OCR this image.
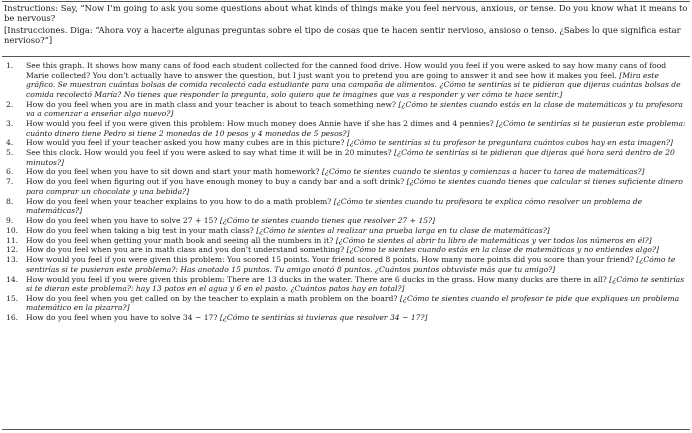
Instructions: Say, “Now I’m going to ask you some questions about what kinds of things make you feel nervous, anxious, or tense. Do you know what it means to be nervous?

[Instrucciones. Diga: “Ahora voy a hacerte algunas preguntas sobre el tipo de cosas que te hacen sentir nervioso, ansioso o tenso. ¿Sabes lo que significa estar nervioso?”]

1. See this graph. It shows how many cans of food each student collected for the canned food drive. How would you feel if you were asked to say how many cans of food Marie collected? You don’t actually have to answer the question, but I just want you to pretend you are going to answer it and see how it makes you feel. [Mira este gráfico. Se muestran cuántas bolsas de comida recolectó cada estudiante para una campaña de alimentos. ¿Cómo te sentirías si te pidieran que dijeras cuántas bolsas de comida recolectó María? No tienes que responder la pregunta, solo quiero que te imagines que vas a responder y ver cómo te hace sentir.]
2. How do you feel when you are in math class and your teacher is about to teach something new? [¿Cómo te sientes cuando estás en la clase de matemáticas y tu profesora va a comenzar a enseñar algo nuevo?]
3. How would you feel if you were given this problem: How much money does Annie have if she has 2 dimes and 4 pennies? [¿Cómo te sentirías si te pusieran este problema: cuánto dinero tiene Pedro si tiene 2 monedas de 10 pesos y 4 monedas de 5 pesos?]
4. How would you feel if your teacher asked you how many cubes are in this picture? [¿Cómo te sentirías si tu profesor te preguntara cuántos cubos hay en esta imagen?]
5. See this clock. How would you feel if you were asked to say what time it will be in 20 minutes? [¿Cómo te sentirías si te pidieran que dijeras qué hora será dentro de 20 minutos?]
6. How do you feel when you have to sit down and start your math homework? [¿Cómo te sientes cuando te sientas y comienzas a hacer tu tarea de matemáticas?]
7. How do you feel when figuring out if you have enough money to buy a candy bar and a soft drink? [¿Cómo te sientes cuando tienes que calcular si tienes suficiente dinero para comprar un chocolate y una bebida?]
8. How do you feel when your teacher explains to you how to do a math problem? [¿Cómo te sientes cuando tu profesora te explica cómo resolver un problema de matemáticas?]
9. How do you feel when you have to solve 27 + 15? [¿Cómo te sientes cuando tienes que resolver 27 + 15?]
10. How do you feel when taking a big test in your math class? [¿Cómo te sientes al realizar una prueba larga en tu clase de matemáticas?]
11. How do you feel when getting your math book and seeing all the numbers in it? [¿Cómo te sientes al abrir tu libro de matemáticas y ver todos los números en él?]
12. How do you feel when you are in math class and you don’t understand something? [¿Cómo te sientes cuando estás en la clase de matemáticas y no entiendes algo?]
13. How would you feel if you were given this problem: You scored 15 points. Your friend scored 8 points. How many more points did you score than your friend? [¿Cómo te sentirías si te pusieran este problema?: Has anotado 15 puntos. Tu amigo anotó 8 puntos. ¿Cuántos puntos obtuviste más que tu amigo?]
14. How would you feel if you were given this problem: There are 13 ducks in the water. There are 6 ducks in the grass. How many ducks are there in all? [¿Cómo te sentirías si te dieran este problema?: hay 13 patos en el agua y 6 en el pasto. ¿Cuántos patos hay en total?]
15. How do you feel when you get called on by the teacher to explain a math problem on the board? [¿Cómo te sientes cuando el profesor te pide que expliques un problema matemático en la pizarra?]
16. How do you feel when you have to solve 34 − 17? [¿Cómo te sentirías si tuvieras que resolver 34 − 17?]
